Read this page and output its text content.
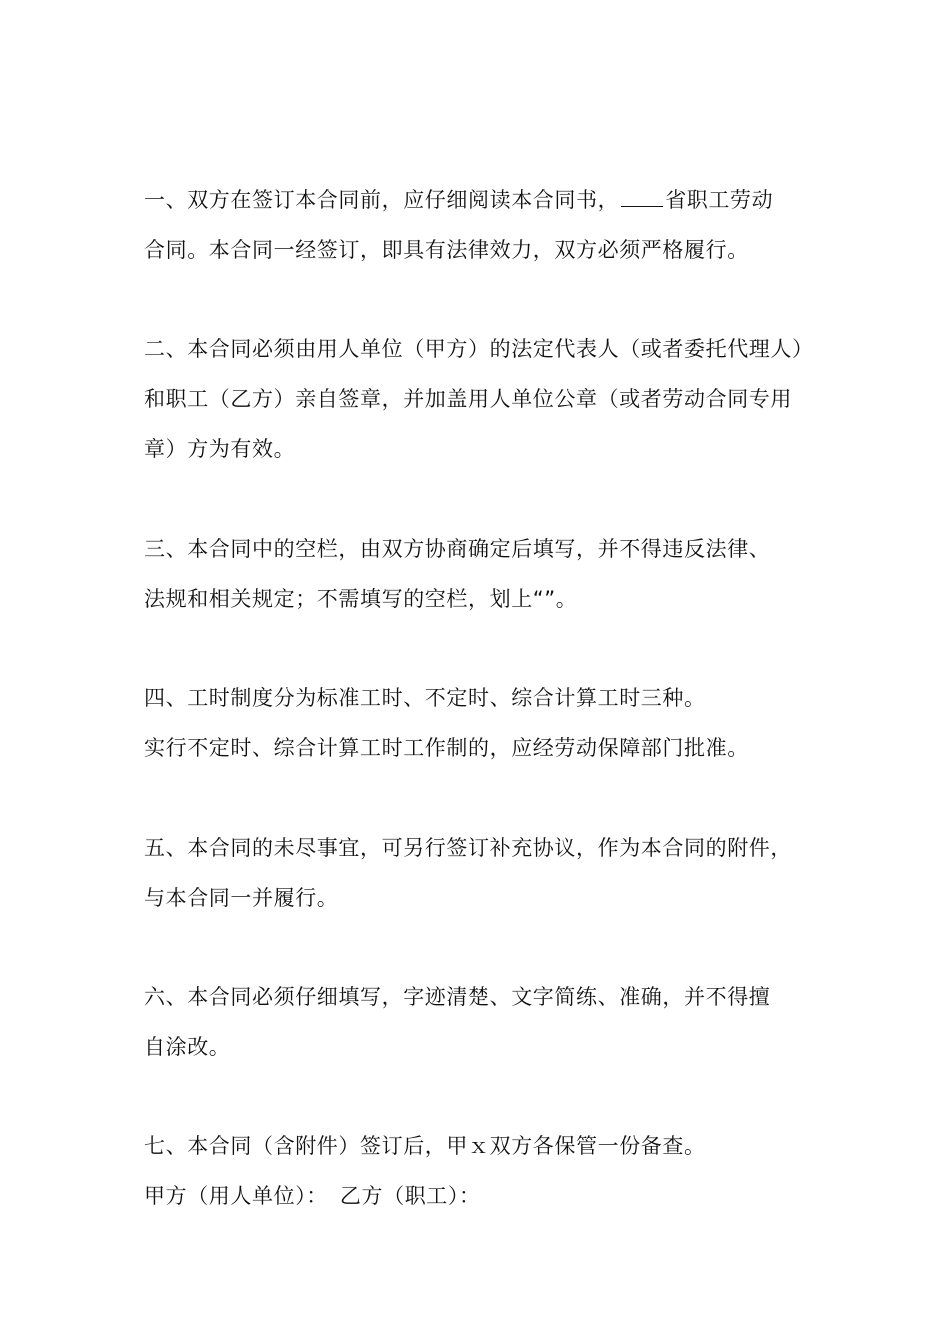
一、双方在签订本合同前，应仔细阅读本合同书， 省职工劳动
合同。本合同一经签订，即具有法律效力，双方必须严格履行。
二、本合同必须由用人单位（甲方）的法定代表人（或者委托代理人）
和职工（乙方）亲自签章，并加盖用人单位公章（或者劳动合同专用
章）方为有效。
三、本合同中的空栏，由双方协商确定后填写，并不得违反法律、
法规和相关规定；不需填写的空栏，划上“”。
四、工时制度分为标准工时、不定时、综合计算工时三种。
实行不定时、综合计算工时工作制的，应经劳动保障部门批准。
五、本合同的未尽事宜，可另行签订补充协议，作为本合同的附件，
与本合同一并履行。
六、本合同必须仔细填写，字迹清楚、文字简练、准确，并不得擅
自涂改。
七、本合同（含附件）签订后，甲ｘ双方各保管一份备查。
甲方（用人单位）： 乙方（职工）：
